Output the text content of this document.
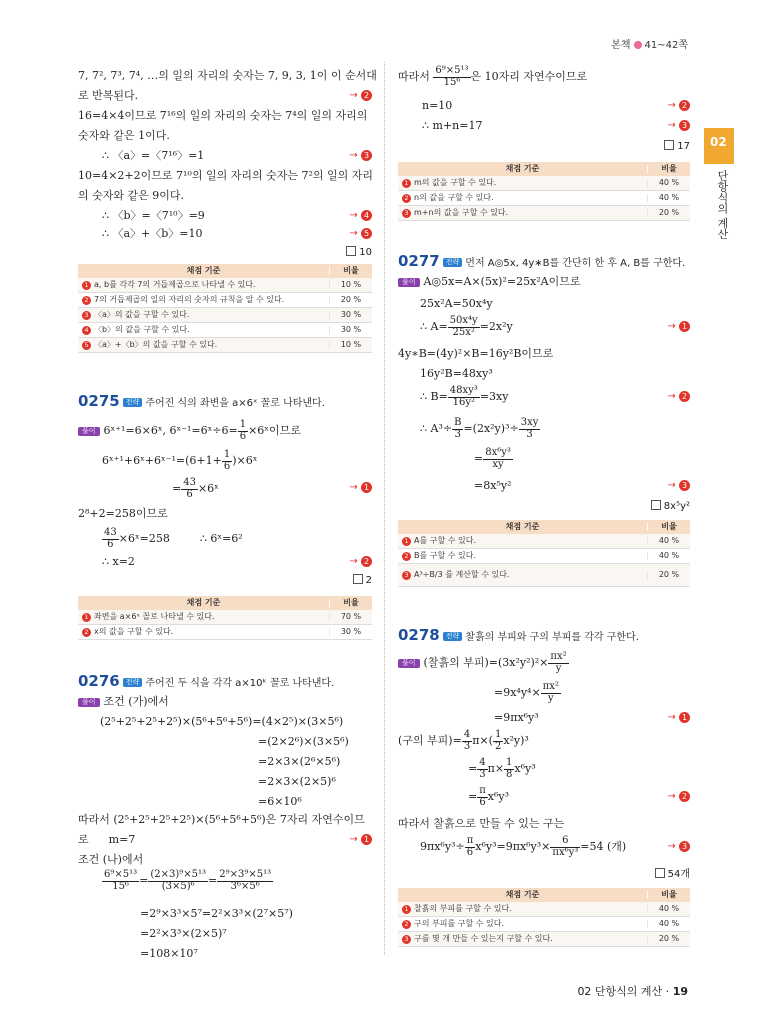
본책 41~42쪽
02
단항식의 계산
7, 7², 7³, 7⁴, …의 일의 자리의 숫자는 7, 9, 3, 1이 이 순서대
로 반복된다.	→ 2
16=4×4이므로 7¹⁶의 일의 자리의 숫자는 7⁴의 일의 자리의
숫자와 같은 1이다.
∴ 〈a〉=〈7¹⁶〉=1	→ 3
10=4×2+2이므로 7¹⁰의 일의 자리의 숫자는 7²의 일의 자리
의 숫자와 같은 9이다.
∴ 〈b〉=〈7¹⁰〉=9	→ 4
∴ 〈a〉+〈b〉=10	→ 5
10
채점 기준	비율
1 a, b를 각각 7의 거듭제곱으로 나타낼 수 있다.	10 %
2 7의 거듭제곱의 일의 자리의 숫자의 규칙을 알 수 있다.	20 %
3 〈a〉의 값을 구할 수 있다.	30 %
4 〈b〉의 값을 구할 수 있다.	30 %
5 〈a〉+〈b〉의 값을 구할 수 있다.	10 %
0275 전략 주어진 식의 좌변을 a×6ˣ 꼴로 나타낸다.
풀이 6ˣ⁺¹=6×6ˣ, 6ˣ⁻¹=6ˣ÷6= $\frac{1}{6}$ ×6ˣ이므로
6ˣ⁺¹+6ˣ+6ˣ⁻¹=(6+1+ $\frac{1}{6}$ )×6ˣ
= $\frac{43}{6}$ ×6ˣ	→ 1
2⁸+2=258이므로
$\frac{43}{6}$ ×6ˣ=258	∴ 6ˣ=6²
∴ x=2	→ 2
2
채점 기준	비율
1 좌변을 a×6ˣ 꼴로 나타낼 수 있다.	70 %
2 x의 값을 구할 수 있다.	30 %
0276 전략 주어진 두 식을 각각 a×10ᵏ 꼴로 나타낸다.
풀이 조건 (가)에서
(2⁵+2⁵+2⁵+2⁵)×(5⁶+5⁶+5⁶)=(4×2⁵)×(3×5⁶)
=(2×2⁶)×(3×5⁶)
=2×3×(2⁶×5⁶)
=2×3×(2×5)⁶
=6×10⁶
따라서 (2⁵+2⁵+2⁵+2⁵)×(5⁶+5⁶+5⁶)은 7자리 자연수이므
로 m=7	→ 1
조건 (나)에서
$\frac{\text{6⁹×5¹³}}{\text{15⁶}} = \frac{\text{(2×3)⁹×5¹³}}{\text{(3×5)⁶}} = \frac{\text{2⁹×3⁹×5¹³}}{\text{3⁶×5⁶}}$
=2⁹×3³×5⁷=2²×3³×(2⁷×5⁷)
=2²×3³×(2×5)⁷
=108×10⁷
따라서 $\frac{\text{6⁹×5¹³}}{\text{15⁶}}$ 은 10자리 자연수이므로
n=10	→ 2
∴ m+n=17	→ 3
17
채점 기준	비율
1 m의 값을 구할 수 있다.	40 %
2 n의 값을 구할 수 있다.	40 %
3 m+n의 값을 구할 수 있다.	20 %
0277 전략 먼저 A◎5x, 4y∗B를 간단히 한 후 A, B를 구한다.
풀이 A◎5x=A×(5x)²=25x²A이므로
25x²A=50x⁴y
∴ $A= \frac{\text{50x⁴y}}{\text{25x²}} =2x^2y$	→ 1
4y∗B=(4y)²×B=16y²B이므로
16y²B=48xy³
∴ $B= \frac{\text{48xy³}}{\text{16y²}} =3xy$	→ 2
∴ $A^3\div \frac{B}{3} =(2x^2y)^3\div \frac{3xy}{3}$
= $\frac{\text{8x⁶y³}}{xy}$
=8x⁵y²	→ 3
8x⁵y²
채점 기준	비율
1 A를 구할 수 있다.	40 %
2 B를 구할 수 있다.	40 %
3 A³÷B/3 를 계산할 수 있다.	20 %
0278 전략 찰흙의 부피와 구의 부피를 각각 구한다.
풀이 (찰흙의 부피)$=(3x^2y^2)^2\times \frac{\text{πx²}}{y}$
$=9x^4y^4\times \frac{\text{πx²}}{y}$
=9πx⁶y³	→ 1
(구의 부피)= $\frac{4}{3} \pi\times( \frac{1}{2} x^2y)^3$
= $\frac{4}{3} \pi\times \frac{1}{8} x^6y^3$
= $\frac{\pi}{6} x^6y^3$	→ 2
따라서 찰흙으로 만들 수 있는 구는
$9\pi x^6y^3\div \frac{\pi}{6} x^6y^3=9\pi x^6y^3\times \frac{6}{\text{πx⁶y³}} =54$ (개)	→ 3
54개
채점 기준	비율
1 찰흙의 부피를 구할 수 있다.	40 %
2 구의 부피를 구할 수 있다.	40 %
3 구를 몇 개 만들 수 있는지 구할 수 있다.	20 %
02 단항식의 계산 · 19
